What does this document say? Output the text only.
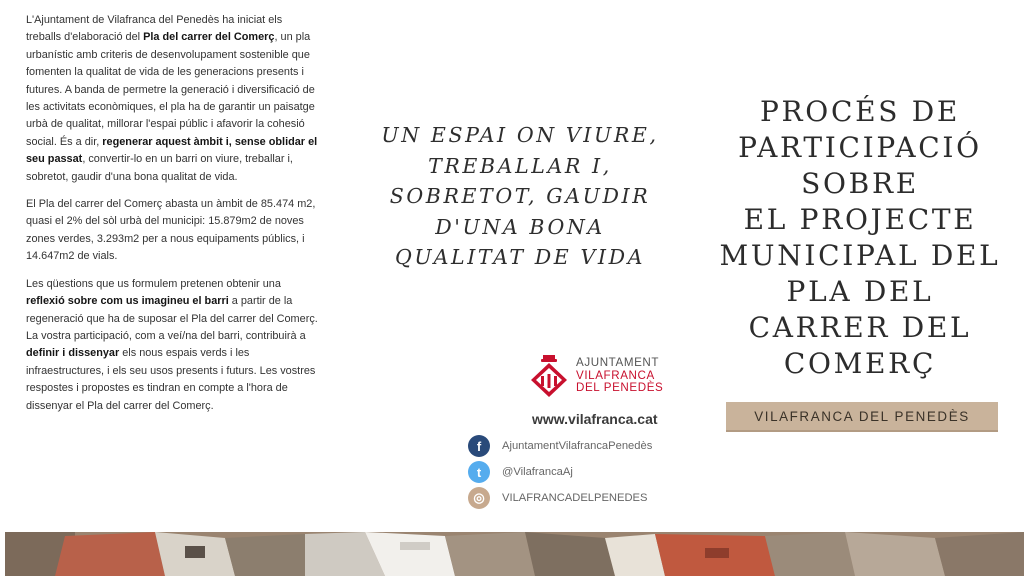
L'Ajuntament de Vilafranca del Penedès ha iniciat els treballs d'elaboració del Pla del carrer del Comerç, un pla urbanístic amb criteris de desenvolupament sostenible que fomenten la qualitat de vida de les generacions presents i futures. A banda de permetre la generació i diversificació de les activitats econòmiques, el pla ha de garantir un paisatge urbà de qualitat, millorar l'espai públic i afavorir la cohesió social. És a dir, regenerar aquest àmbit i, sense oblidar el seu passat, convertir-lo en un barri on viure, treballar i, sobretot, gaudir d'una bona qualitat de vida.

El Pla del carrer del Comerç abasta un àmbit de 85.474 m2, quasi el 2% del sòl urbà del municipi: 15.879m2 de noves zones verdes, 3.293m2 per a nous equipaments públics, i 14.647m2 de vials.

Les qüestions que us formulem pretenen obtenir una reflexió sobre com us imagineu el barri a partir de la regeneració que ha de suposar el Pla del carrer del Comerç. La vostra participació, com a veí/na del barri, contribuirà a definir i dissenyar els nous espais verds i les infraestructures, i els seu usos presents i futurs. Les vostres respostes i propostes es tindran en compte a l'hora de dissenyar el Pla del carrer del Comerç.

UN ESPAI ON VIURE,
TREBALLAR I,
SOBRETOT, GAUDIR
D'UNA BONA
QUALITAT DE VIDA
AJUNTAMENT
VILAFRANCA
DEL PENEDÈS
www.vilafranca.cat
f	AjuntamentVilafrancaPenedès
t	@VilafrancaAj
◎	VILAFRANCADELPENEDES
PROCÉS DE
PARTICIPACIÓ
SOBRE
EL PROJECTE
MUNICIPAL DEL
PLA DEL
CARRER DEL
COMERÇ
VILAFRANCA DEL PENEDÈS
